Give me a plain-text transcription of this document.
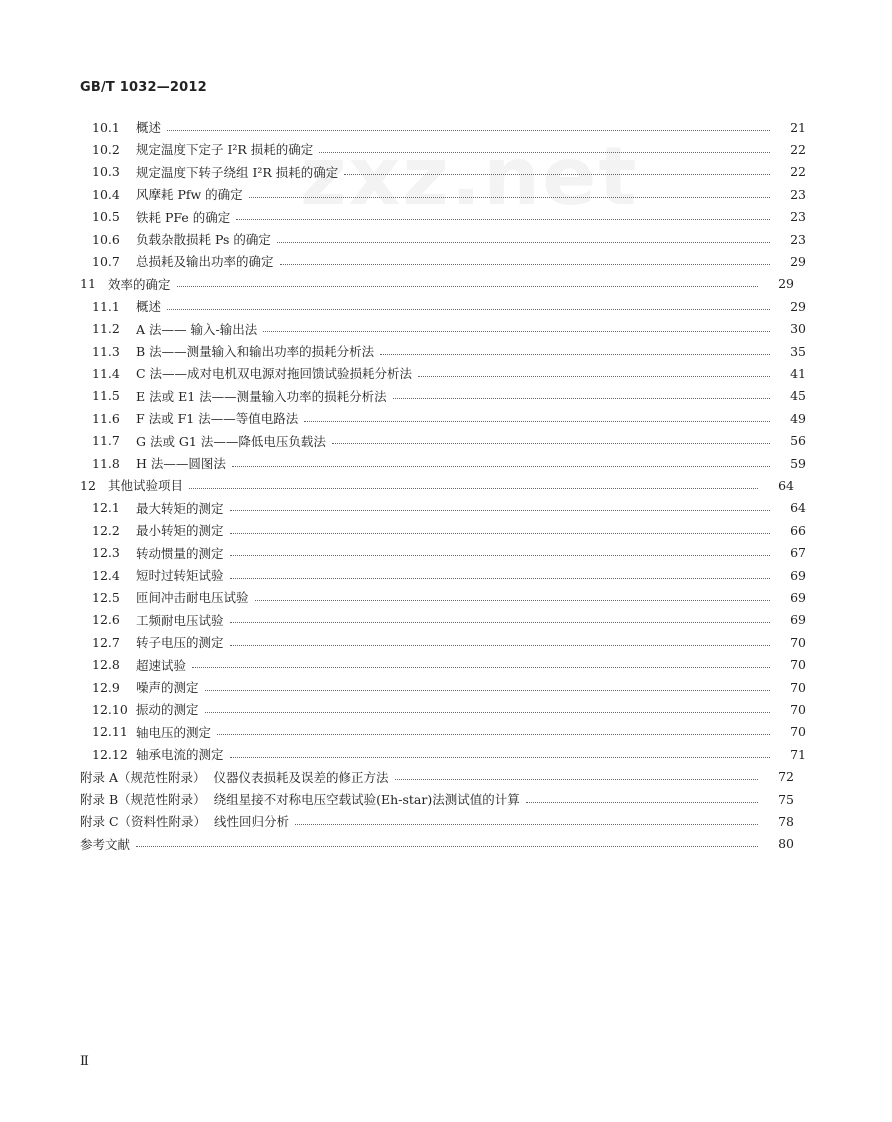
GB/T 1032—2012
zxz.net
10.1	概述	21
10.2	规定温度下定子 I²R 损耗的确定	22
10.3	规定温度下转子绕组 I²R 损耗的确定	22
10.4	风摩耗 Pfw 的确定	23
10.5	铁耗 PFe 的确定	23
10.6	负载杂散损耗 Ps 的确定	23
10.7	总损耗及输出功率的确定	29
11 效率的确定	29
11.1	概述	29
11.2	A 法—— 输入-输出法	30
11.3	B 法——测量输入和输出功率的损耗分析法	35
11.4	C 法——成对电机双电源对拖回馈试验损耗分析法	41
11.5	E 法或 E1 法——测量输入功率的损耗分析法	45
11.6	F 法或 F1 法——等值电路法	49
11.7	G 法或 G1 法——降低电压负载法	56
11.8	H 法——圆图法	59
12 其他试验项目	64
12.1	最大转矩的测定	64
12.2	最小转矩的测定	66
12.3	转动惯量的测定	67
12.4	短时过转矩试验	69
12.5	匝间冲击耐电压试验	69
12.6	工频耐电压试验	69
12.7	转子电压的测定	70
12.8	超速试验	70
12.9	噪声的测定	70
12.10 振动的测定	70
12.11 轴电压的测定	70
12.12 轴承电流的测定	71
附录 A（规范性附录） 仪器仪表损耗及误差的修正方法	72
附录 B（规范性附录） 绕组星接不对称电压空载试验(Eh-star)法测试值的计算	75
附录 C（资料性附录） 线性回归分析	78
参考文献	80
Ⅱ
